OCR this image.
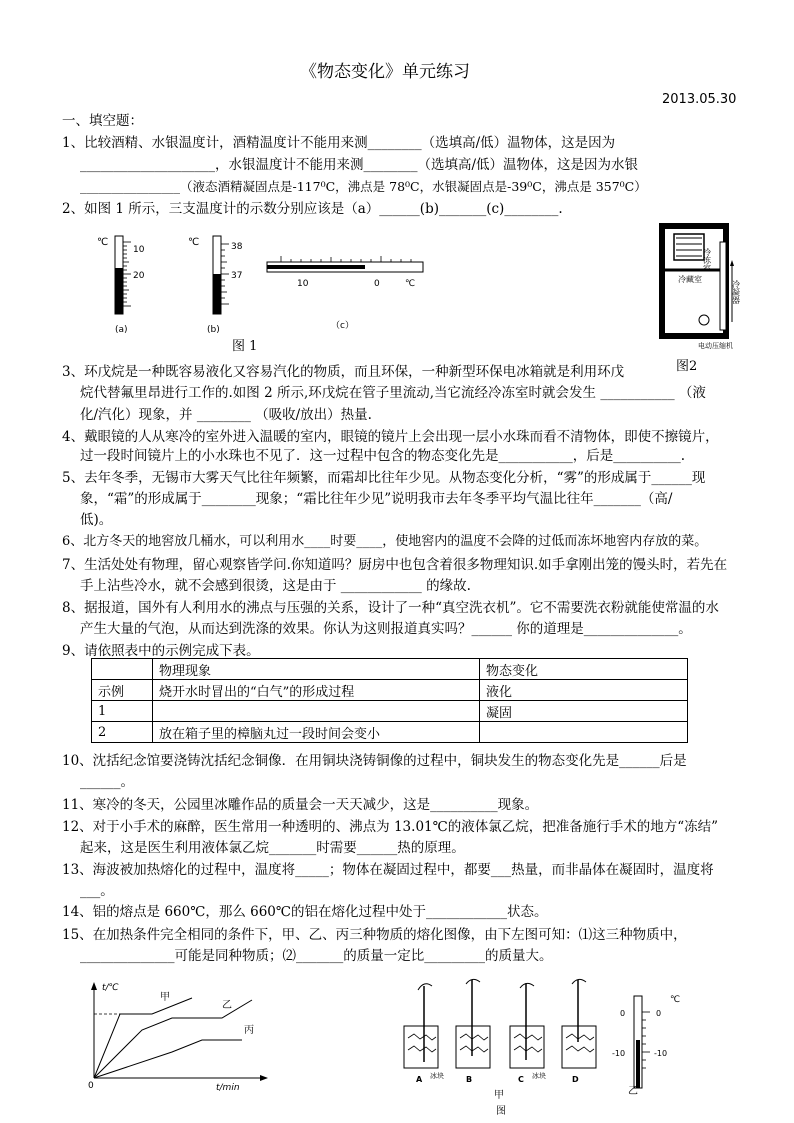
《物态变化》单元练习
2013.05.30
一、填空题：
1、比较酒精、水银温度计，酒精温度计不能用来测________（选填高/低）温物体，这是因为
____________________，水银温度计不能用来测________（选填高/低）温物体，这是因为水银
________________（液态酒精凝固点是-117⁰C，沸点是 78⁰C，水银凝固点是-39⁰C，沸点是 357⁰C）
2、如图 1 所示，三支温度计的示数分别应该是（a）______(b)_______(c)________.
℃
10
20
(a)
℃	38
37
(b)
10	0	℃
（c）
图 1
冷冻室
冷藏室
冷凝器
电动压缩机
图2
3、环戊烷是一种既容易液化又容易汽化的物质，而且环保，一种新型环保电冰箱就是利用环戊
烷代替氟里昂进行工作的.如图 2 所示,环戊烷在管子里流动,当它流经冷冻室时就会发生 ___________ （液
化/汽化）现象，并 ________ （吸收/放出）热量.
4、戴眼镜的人从寒冷的室外进入温暖的室内，眼镜的镜片上会出现一层小水珠而看不清物体，即使不擦镜片，
过一段时间镜片上的小水珠也不见了．这一过程中包含的物态变化先是___________，后是__________.
5、去年冬季，无锡市大雾天气比往年频繁，而霜却比往年少见。从物态变化分析，“雾”的形成属于______现
象，“霜”的形成属于________现象；“霜比往年少见”说明我市去年冬季平均气温比往年_______（高/
低)。
6、北方冬天的地窖放几桶水，可以利用水____时要____，使地窖内的温度不会降的过低而冻坏地窖内存放的菜。
7、生活处处有物理，留心观察皆学问.你知道吗？厨房中也包含着很多物理知识.如手拿刚出笼的馒头时，若先在
手上沾些冷水，就不会感到很烫，这是由于 ____________ 的缘故.
8、据报道，国外有人利用水的沸点与压强的关系，设计了一种“真空洗衣机”。它不需要洗衣粉就能使常温的水
产生大量的气泡，从而达到洗涤的效果。你认为这则报道真实吗？______ 你的道理是______________。
9、请依照表中的示例完成下表。
	物理现象	物态变化
示例	烧开水时冒出的“白气”的形成过程	液化
1		凝固
2	放在箱子里的樟脑丸过一段时间会变小	
10、沈括纪念馆要浇铸沈括纪念铜像．在用铜块浇铸铜像的过程中，铜块发生的物态变化先是______后是
______。
11、寒冷的冬天，公园里冰雕作品的质量会一天天减少，这是__________现象。
12、对于小手术的麻醉，医生常用一种透明的、沸点为 13.01℃的液体氯乙烷，把准备施行手术的地方“冻结”
起来，这是医生利用液体氯乙烷_______时需要______热的原理。
13、海波被加热熔化的过程中，温度将_____；物体在凝固过程中，都要___热量，而非晶体在凝固时，温度将
___。
14、铝的熔点是 660℃，那么 660℃的铝在熔化过程中处于____________状态。
15、在加热条件完全相同的条件下，甲、乙、丙三种物质的熔化图像，由下左图可知：⑴这三种物质中，
______________可能是同种物质；⑵_______的质量一定比_________的质量大。
t/℃
t/min
0
甲
乙
丙
A 冰块	B	C 冰块	D
℃
0
-10
0
-10
甲
图
乙
